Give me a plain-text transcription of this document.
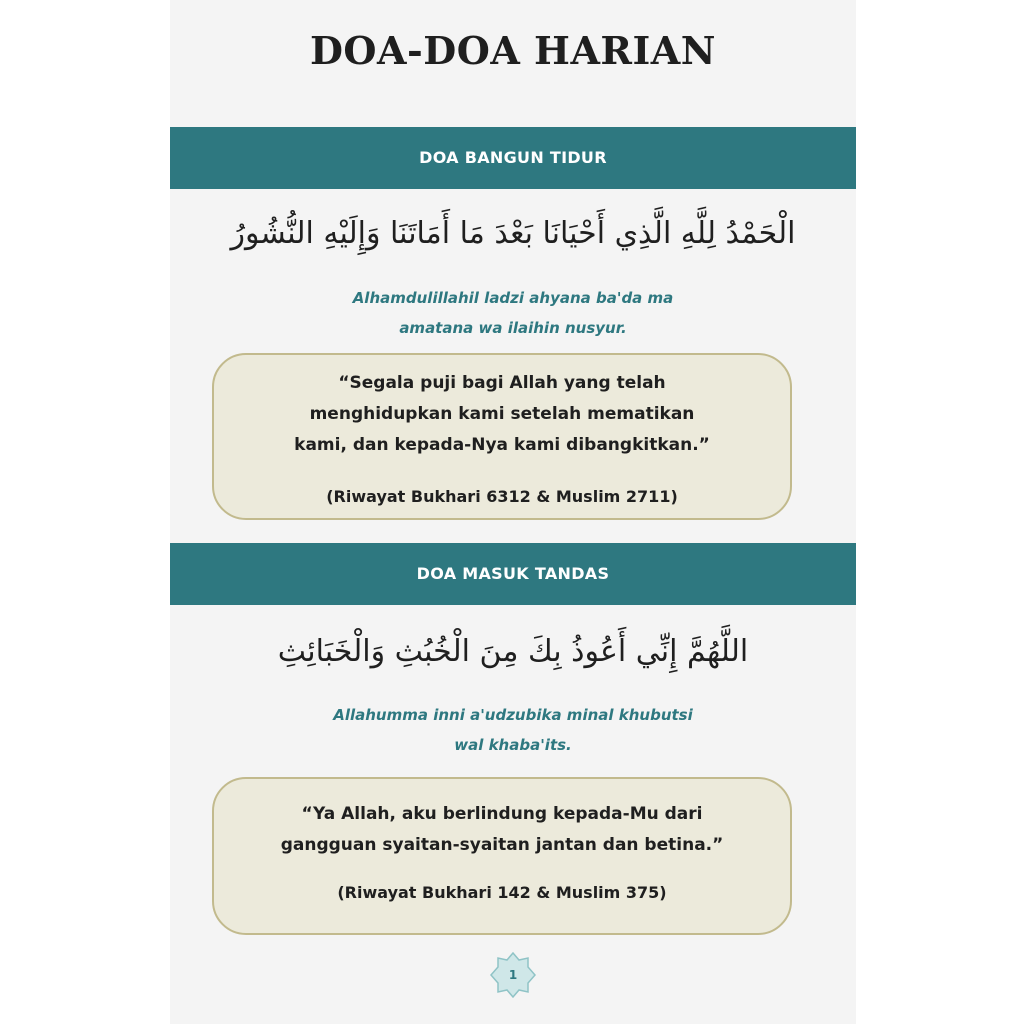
DOA-DOA HARIAN
DOA BANGUN TIDUR

الْحَمْدُ لِلَّهِ الَّذِي أَحْيَانَا بَعْدَ مَا أَمَاتَنَا وَإِلَيْهِ النُّشُورُ

Alhamdulillahil ladzi ahyana ba'da ma
amatana wa ilaihin nusyur.

“Segala puji bagi Allah yang telah

menghidupkan kami setelah mematikan

kami, dan kepada-Nya kami dibangkitkan.”

(Riwayat Bukhari 6312 & Muslim 2711)

DOA MASUK TANDAS

اللَّهُمَّ إِنِّي أَعُوذُ بِكَ مِنَ الْخُبُثِ وَالْخَبَائِثِ

Allahumma inni a'udzubika minal khubutsi
wal khaba'its.

“Ya Allah, aku berlindung kepada-Mu dari

gangguan syaitan-syaitan jantan dan betina.”

(Riwayat Bukhari 142 & Muslim 375)

1
